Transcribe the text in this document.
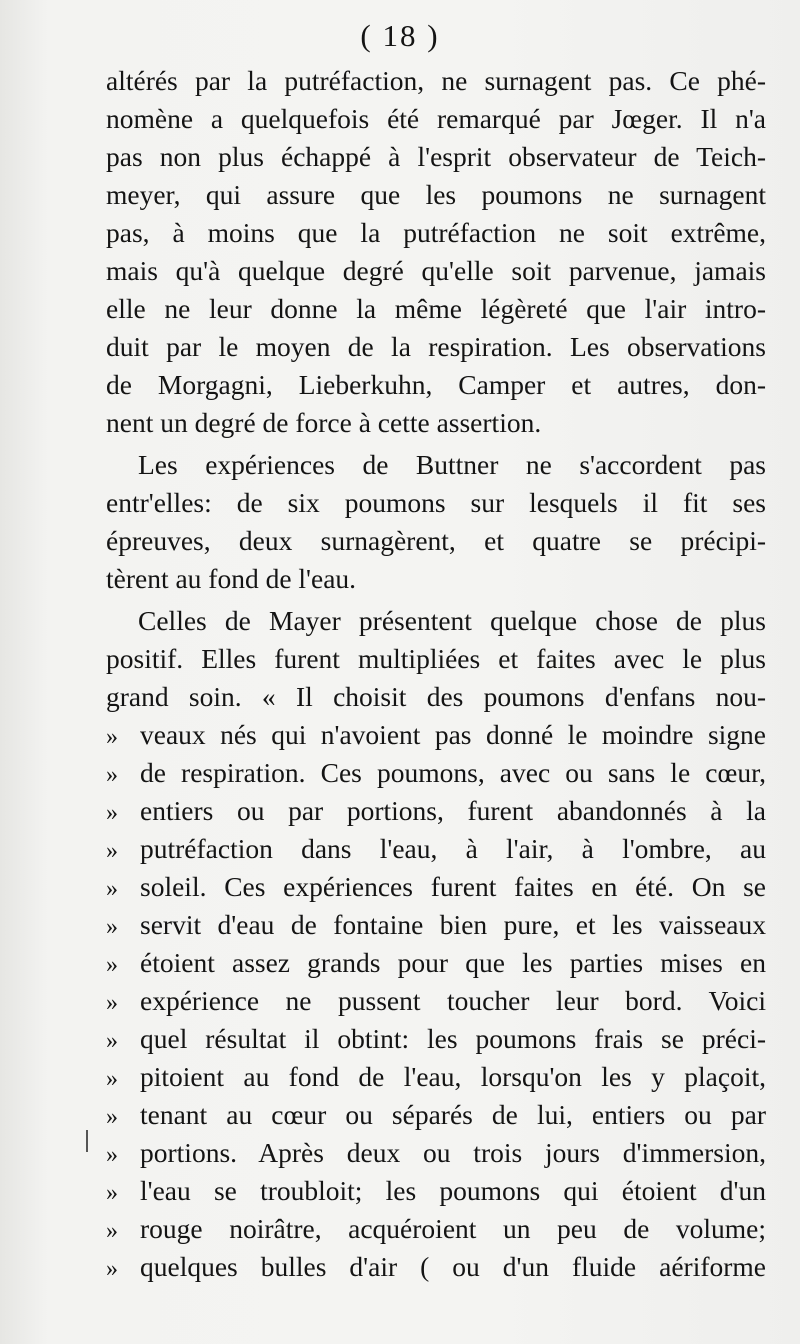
( 18 )
altérés par la putréfaction, ne surnagent pas. Ce phé-
nomène a quelquefois été remarqué par Jœger. Il n'a
pas non plus échappé à l'esprit observateur de Teich-
meyer, qui assure que les poumons ne surnagent
pas, à moins que la putréfaction ne soit extrême,
mais qu'à quelque degré qu'elle soit parvenue, jamais
elle ne leur donne la même légèreté que l'air intro-
duit par le moyen de la respiration. Les observations
de Morgagni, Lieberkuhn, Camper et autres, don-
nent un degré de force à cette assertion.
Les expériences de Buttner ne s'accordent pas
entr'elles: de six poumons sur lesquels il fit ses
épreuves, deux surnagèrent, et quatre se précipi-
tèrent au fond de l'eau.
Celles de Mayer présentent quelque chose de plus
positif. Elles furent multipliées et faites avec le plus
grand soin. « Il choisit des poumons d'enfans nou-
» veaux nés qui n'avoient pas donné le moindre signe
» de respiration. Ces poumons, avec ou sans le cœur,
» entiers ou par portions, furent abandonnés à la
» putréfaction dans l'eau, à l'air, à l'ombre, au
» soleil. Ces expériences furent faites en été. On se
» servit d'eau de fontaine bien pure, et les vaisseaux
» étoient assez grands pour que les parties mises en
» expérience ne pussent toucher leur bord. Voici
» quel résultat il obtint: les poumons frais se préci-
» pitoient au fond de l'eau, lorsqu'on les y plaçoit,
» tenant au cœur ou séparés de lui, entiers ou par
» portions. Après deux ou trois jours d'immersion,
» l'eau se troubloit; les poumons qui étoient d'un
» rouge noirâtre, acquéroient un peu de volume;
» quelques bulles d'air ( ou d'un fluide aériforme
